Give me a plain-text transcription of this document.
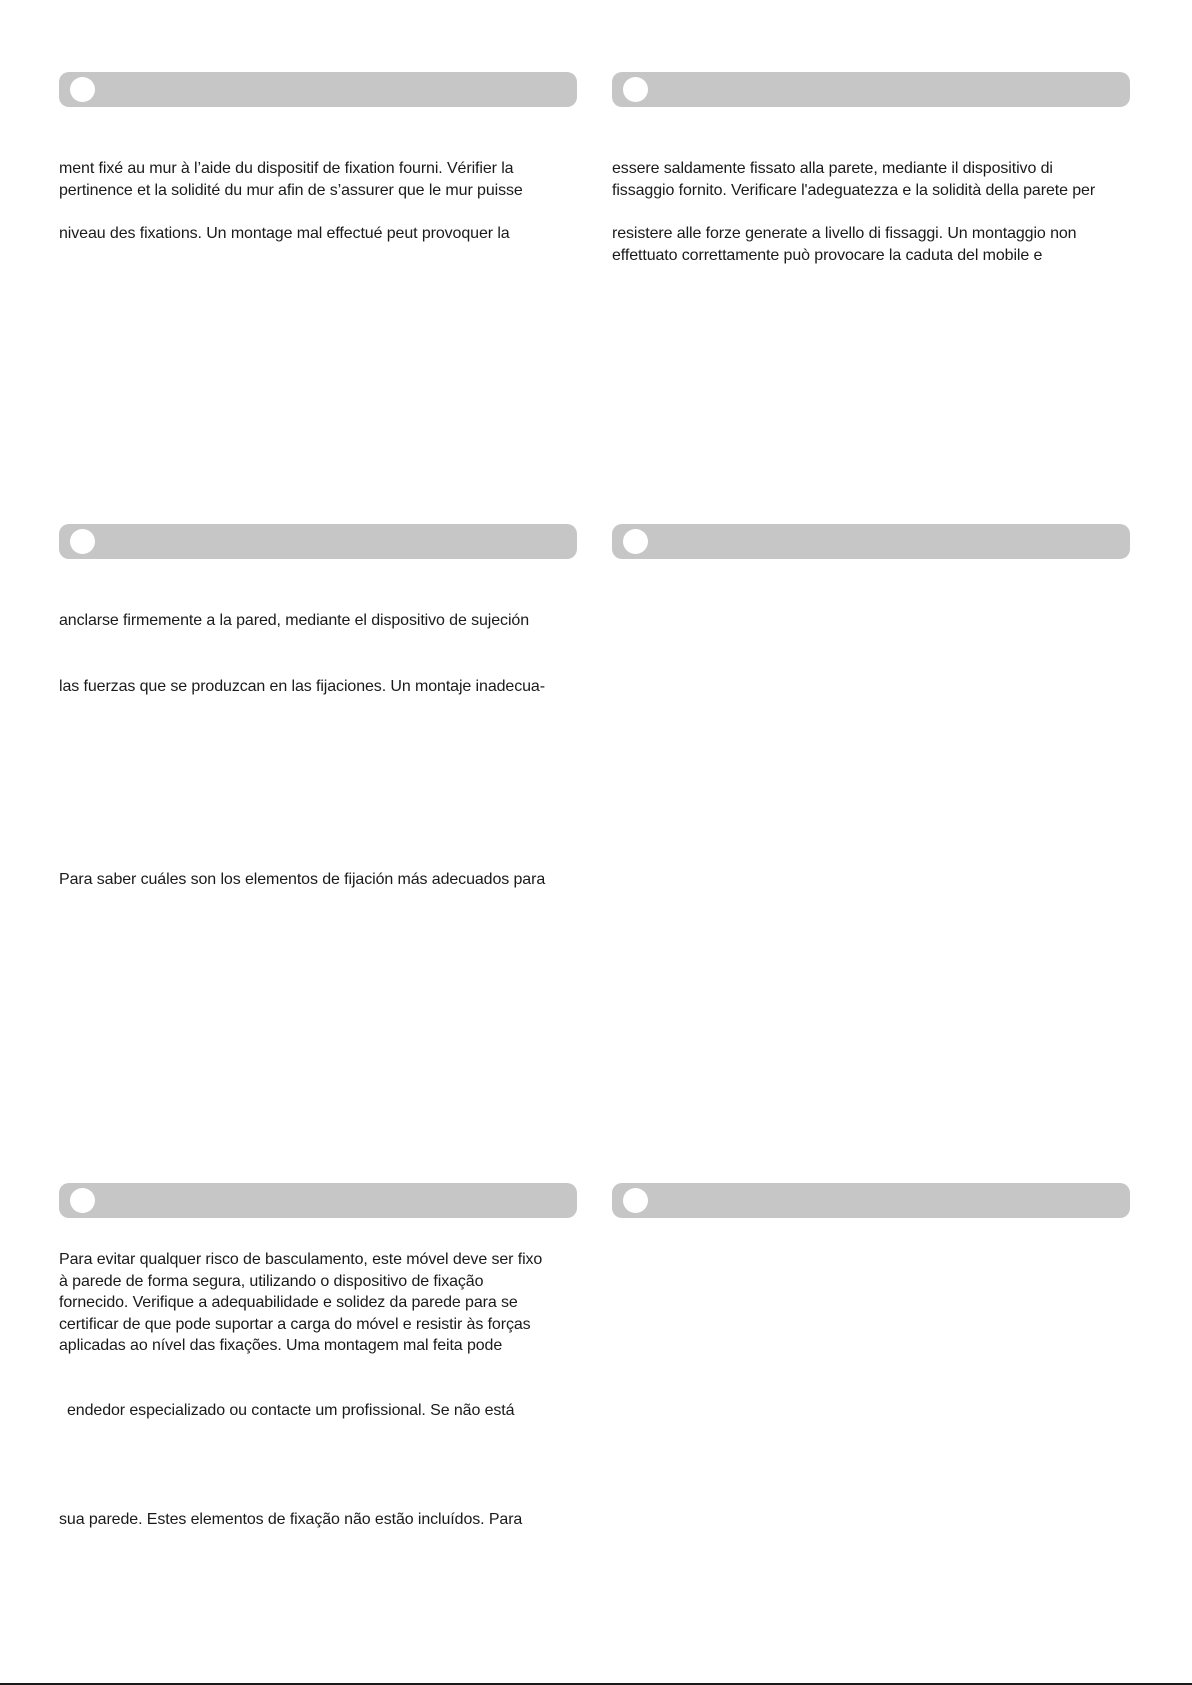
ment fixé au mur à l’aide du dispositif de fixation fourni. Vérifier la
pertinence et la solidité du mur afin de s’assurer que le mur puisse
niveau des fixations. Un montage mal effectué peut provoquer la
essere saldamente fissato alla parete, mediante il dispositivo di
fissaggio fornito. Verificare l'adeguatezza e la solidità della parete per
resistere alle forze generate a livello di fissaggi. Un montaggio non
effettuato correttamente può provocare la caduta del mobile e
anclarse firmemente a la pared, mediante el dispositivo de sujeción
las fuerzas que se produzcan en las fijaciones. Un montaje inadecua-
Para saber cuáles son los elementos de fijación más adecuados para
Para evitar qualquer risco de basculamento, este móvel deve ser fixo
à parede de forma segura, utilizando o dispositivo de fixação
fornecido. Verifique a adequabilidade e solidez da parede para se
certificar de que pode suportar a carga do móvel e resistir às forças
aplicadas ao nível das fixações. Uma montagem mal feita pode
endedor especializado ou contacte um profissional. Se não está
sua parede. Estes elementos de fixação não estão incluídos. Para
